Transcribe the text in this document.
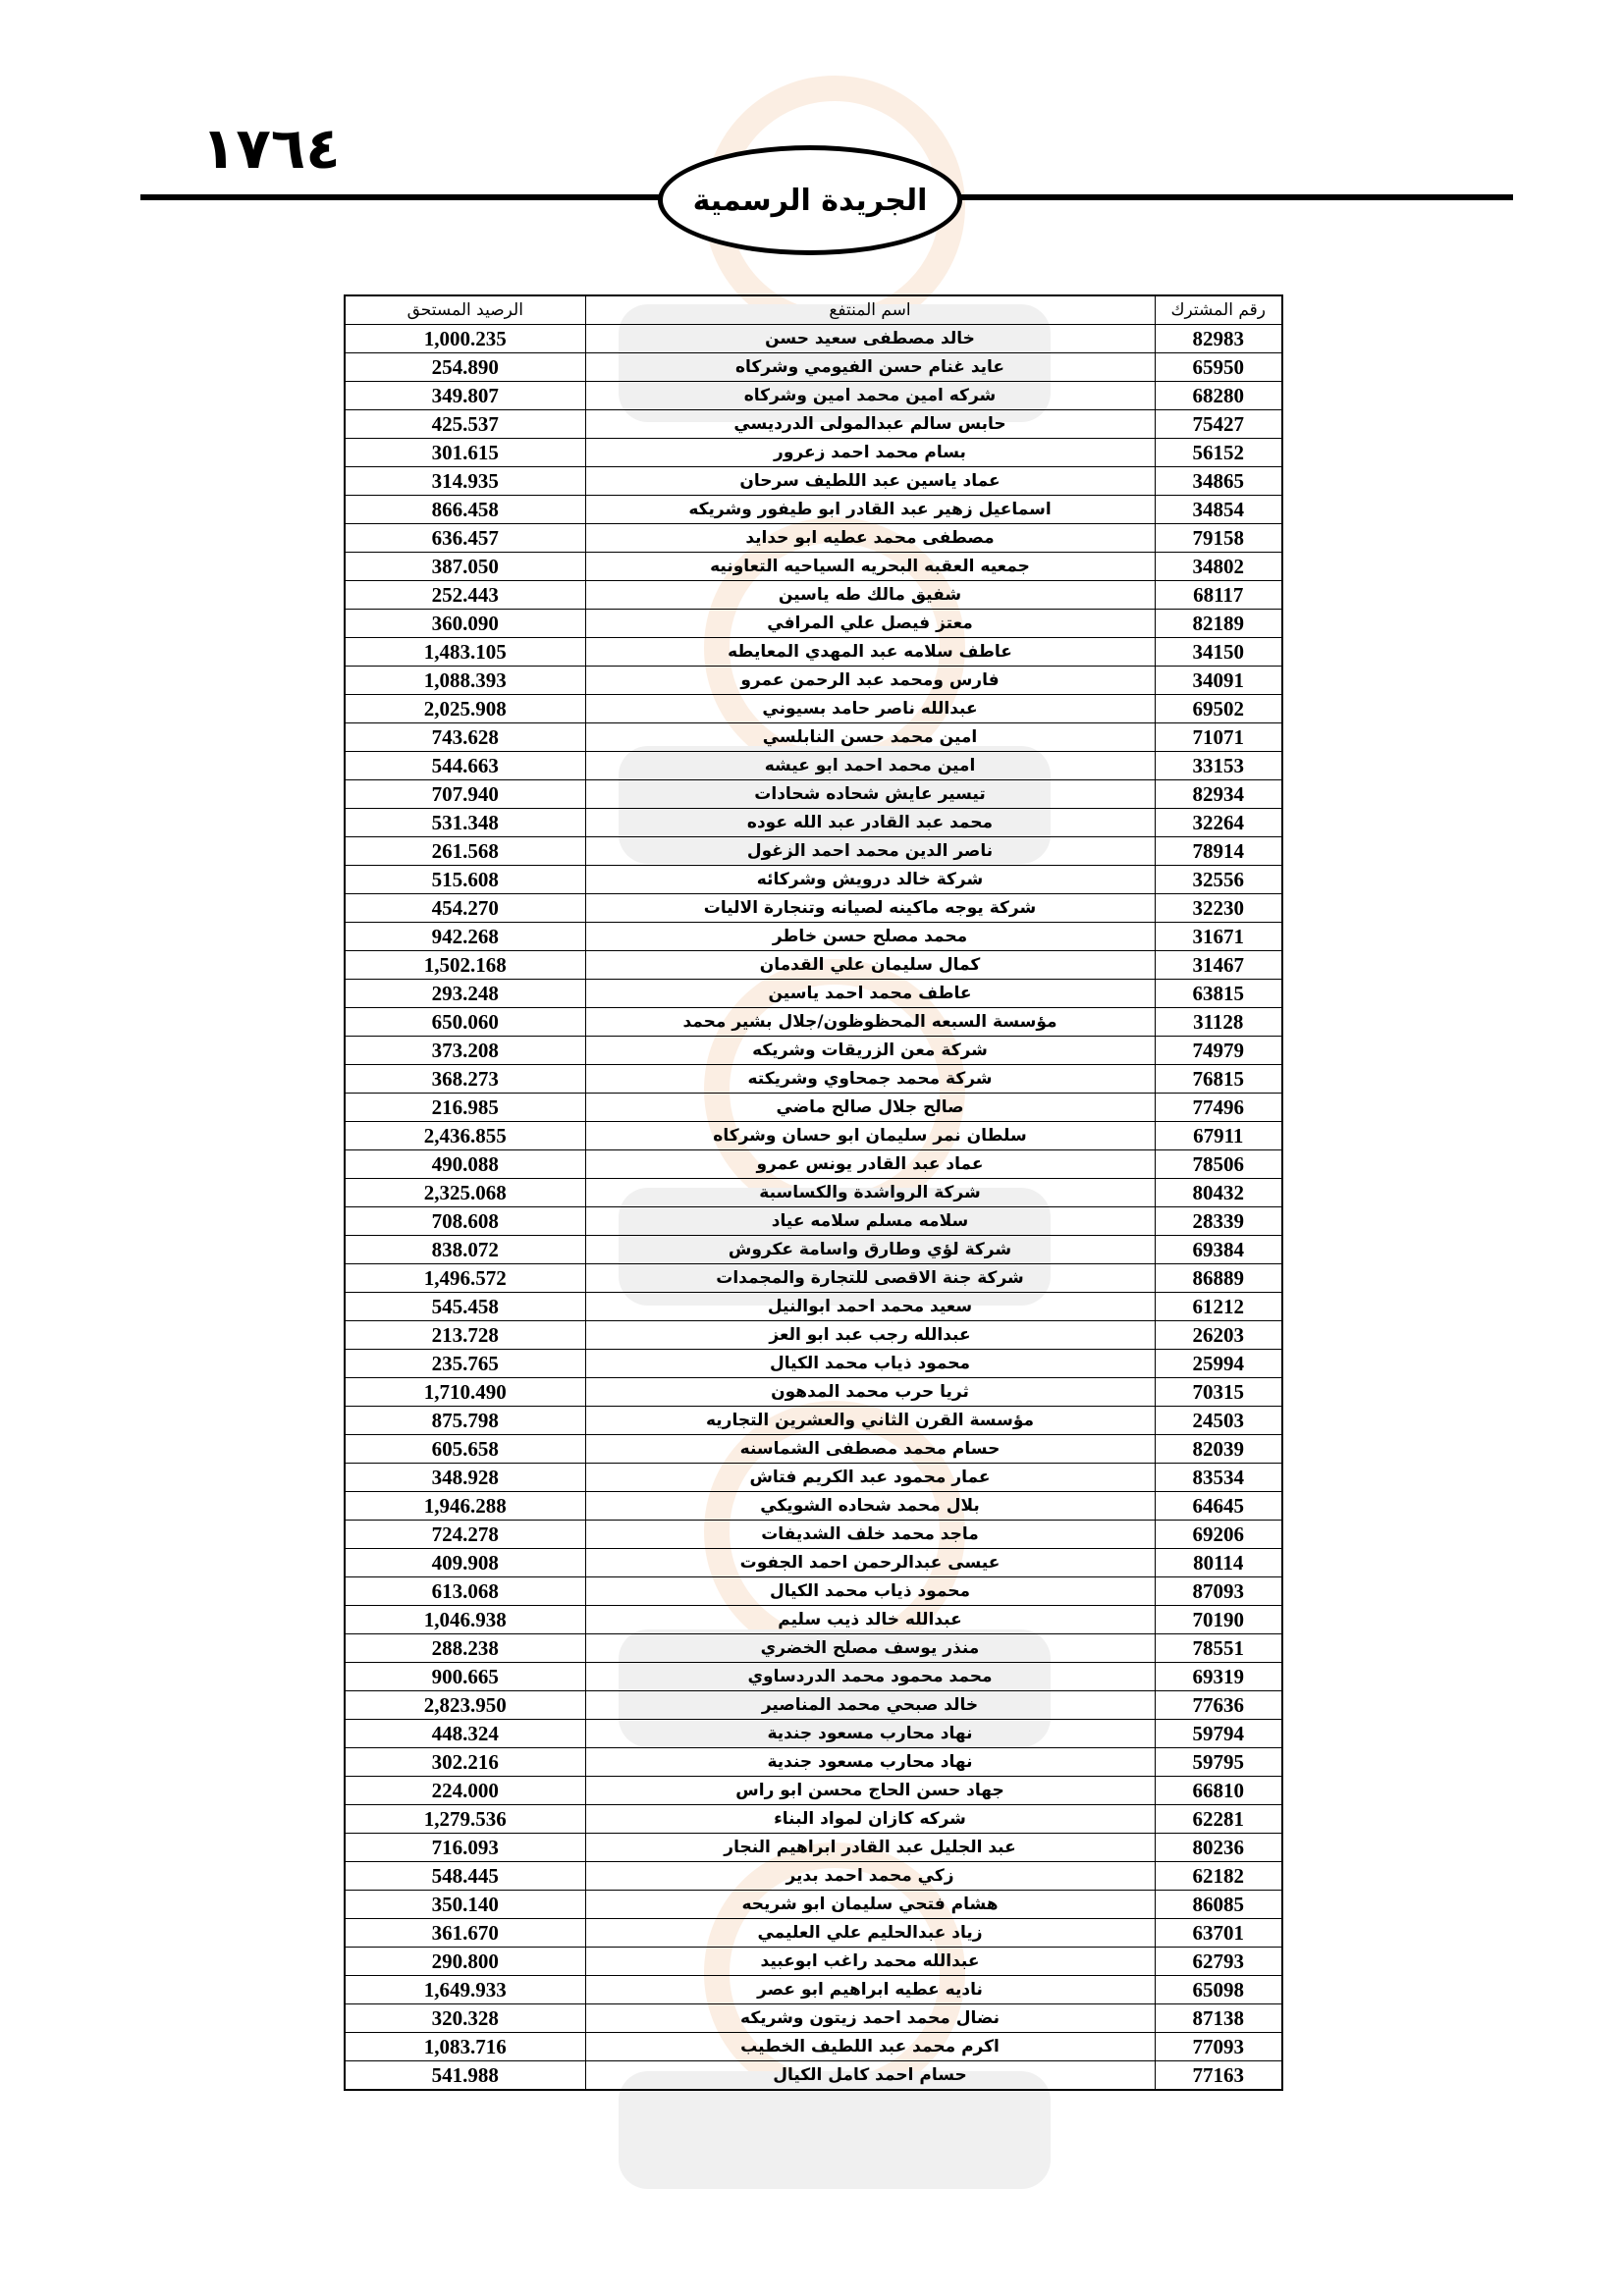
١٧٦٤
الجريدة الرسمية
رقم المشترك	اسم المنتفع	الرصيد المستحق
82983	خالد مصطفى سعيد حسن	1,000.235
65950	عايد غنام حسن الفيومي وشركاه	254.890
68280	شركه امين محمد امين وشركاه	349.807
75427	حابس سالم عبدالمولى الدرديسي	425.537
56152	بسام محمد احمد زعرور	301.615
34865	عماد ياسين عبد اللطيف سرحان	314.935
34854	اسماعيل زهير عبد القادر ابو طيفور وشريكه	866.458
79158	مصطفى محمد عطيه ابو حدايد	636.457
34802	جمعيه العقبه البحريه السياحيه التعاونيه	387.050
68117	شفيق مالك طه ياسين	252.443
82189	معتز فيصل علي المرافي	360.090
34150	عاطف سلامه عبد المهدي المعايطه	1,483.105
34091	فارس ومحمد عبد الرحمن عمرو	1,088.393
69502	عبدالله ناصر حامد بسيوني	2,025.908
71071	امين محمد حسن النابلسي	743.628
33153	امين محمد احمد ابو عيشه	544.663
82934	تيسير عايش شحاده شحادات	707.940
32264	محمد عبد القادر عبد الله عوده	531.348
78914	ناصر الدين محمد احمد الزغول	261.568
32556	شركة خالد درويش وشركائه	515.608
32230	شركة يوجه ماكينه لصيانه وتنجارة الاليات	454.270
31671	محمد مصلح حسن خاطر	942.268
31467	كمال سليمان علي القدمان	1,502.168
63815	عاطف محمد احمد ياسين	293.248
31128	مؤسسة السبعه المحظوظون/جلال بشير محمد	650.060
74979	شركة معن الزريقات وشريكه	373.208
76815	شركة محمد جمحاوي وشريكته	368.273
77496	صالح جلال صالح ماضي	216.985
67911	سلطان نمر سليمان ابو حسان وشركاه	2,436.855
78506	عماد عبد القادر يونس عمرو	490.088
80432	شركة الرواشدة والكساسبة	2,325.068
28339	سلامه مسلم سلامه عياد	708.608
69384	شركة لؤي وطارق واسامة عكروش	838.072
86889	شركة جنة الاقصى للتجارة والمجمدات	1,496.572
61212	سعيد محمد احمد ابوالنيل	545.458
26203	عبدالله رجب عبد ابو العز	213.728
25994	محمود ذياب محمد الكيال	235.765
70315	ثريا حرب محمد المدهون	1,710.490
24503	مؤسسة القرن الثاني والعشرين التجاريه	875.798
82039	حسام محمد مصطفى الشماسنه	605.658
83534	عمار محمود عبد الكريم فتاش	348.928
64645	بلال محمد شحاده الشويكي	1,946.288
69206	ماجد محمد خلف الشديفات	724.278
80114	عيسى عبدالرحمن احمد الجفوت	409.908
87093	محمود ذياب محمد الكيال	613.068
70190	عبدالله خالد ذيب سليم	1,046.938
78551	منذر يوسف مصلح الخضري	288.238
69319	محمد محمود محمد الدردساوي	900.665
77636	خالد صبحي محمد المناصير	2,823.950
59794	نهاد محارب مسعود جندية	448.324
59795	نهاد محارب مسعود جندية	302.216
66810	جهاد حسن الحاج محسن ابو راس	224.000
62281	شركه كازان لمواد البناء	1,279.536
80236	عبد الجليل عبد القادر ابراهيم النجار	716.093
62182	زكي محمد احمد بدير	548.445
86085	هشام فتحي سليمان ابو شريحه	350.140
63701	زياد عبدالحليم علي العليمي	361.670
62793	عبدالله محمد راغب ابوعبيد	290.800
65098	ناديه عطيه ابراهيم ابو عصر	1,649.933
87138	نضال محمد احمد زيتون وشريكه	320.328
77093	اكرم محمد عبد اللطيف الخطيب	1,083.716
77163	حسام احمد كامل الكيال	541.988
